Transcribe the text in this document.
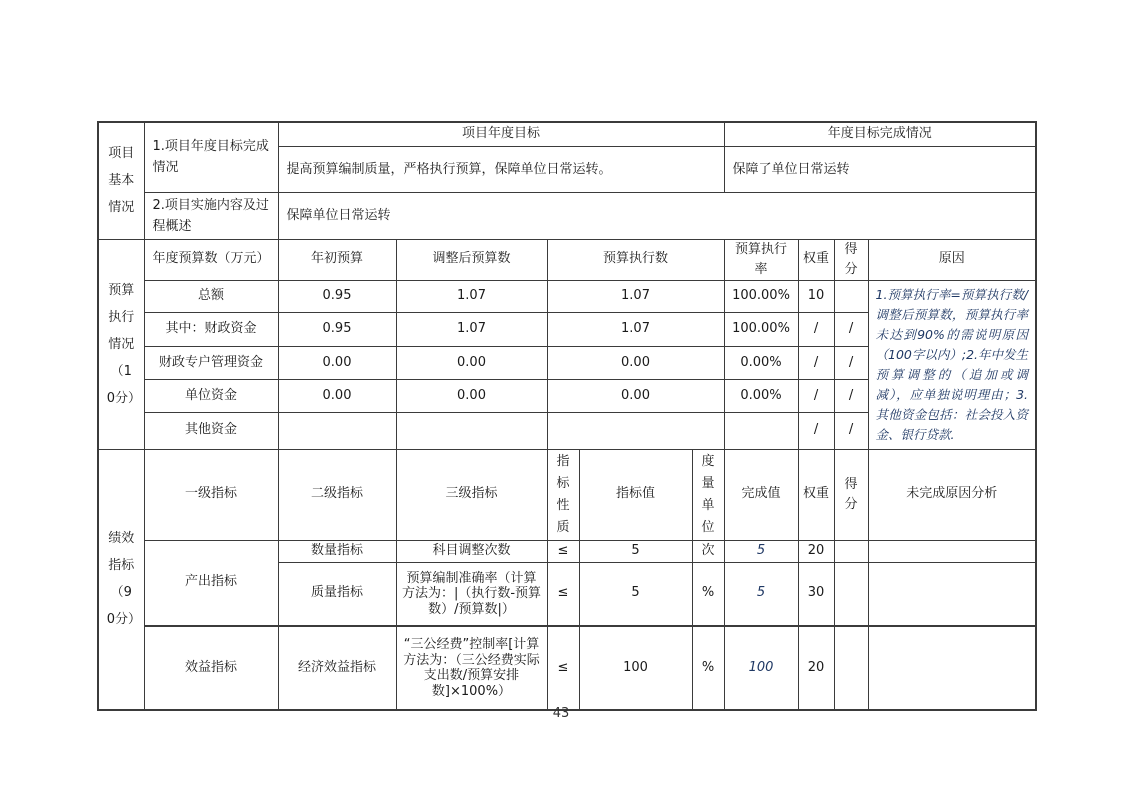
项目基本情况	1.项目年度目标完成情况	项目年度目标					年度目标完成情况			
		提高预算编制质量，严格执行预算，保障单位日常运转。					保障了单位日常运转			
	2.项目实施内容及过程概述	保障单位日常运转								

预算执行情况（10分）	年度预算数（万元）	年初预算	调整后预算数	预算执行数			预算执行率	权重	得分	原因
	总额	0.95	1.07	1.07			100.00%	10		1.预算执行率=预算执行数/调整后预算数，预算执行率未达到90%的需说明原因（100字以内）;2.年中发生预算调整的（追加或调减），应单独说明理由；3.其他资金包括：社会投入资金、银行贷款.
	其中：财政资金	0.95	1.07	1.07			100.00%	/	/	
	财政专户管理资金	0.00	0.00	0.00			0.00%	/	/	
	单位资金	0.00	0.00	0.00			0.00%	/	/	
	其他资金							/	/	

绩效指标（90分）	一级指标	二级指标	三级指标	指标性质	指标值	度量单位	完成值	权重	得分	未完成原因分析
	产出指标	数量指标	科目调整次数	≤	5	次	5	20		
		质量指标	预算编制准确率（计算方法为：|（执行数-预算数）/预算数|）	≤	5	%	5	30		
	效益指标	经济效益指标	“三公经费”控制率[计算方法为：（三公经费实际支出数/预算安排数]×100%）	≤	100	%	100	20		
43
